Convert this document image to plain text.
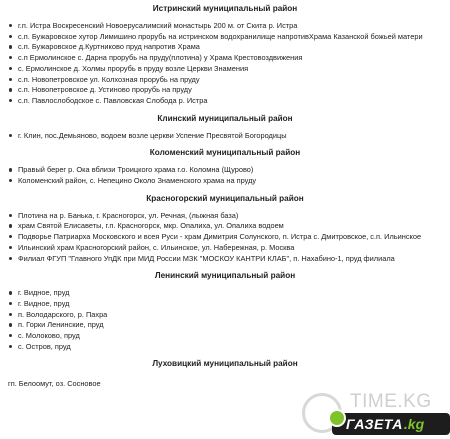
Истринский муниципальный район
г.п. Истра Воскресенский Новоерусалимский монастырь 200 м. от Скита р. Истра
с.п. Бужаровское хутор Лимишино прорубь на истринском водохранилище напротивХрама Казанской божьей матери
с.п. Бужаровское д.Куртниково пруд напротив Храма
с.п Ермолинское с. Дарна прорубь на пруду(плотина) у Храма Крестовоздвижения
с. Ермолинское д. Холмы прорубь в пруду возле Церкви Знамения
с.п. Новопетровское ул. Колхозная прорубь на пруду
с.п. Новопетровское д. Устиново прорубь на пруду
с.п. Павлослободское с. Павловская Слобода р. Истра
Клинский муниципальный район
г. Клин, пос.Демьяново, водоем возле церкви Успение Пресвятой Богородицы
Коломенский муниципальный район
Правый берег р. Ока вблизи Троицкого храма г.о. Коломна (Щурово)
Коломенский район, с. Непецино Около Знаменского храма на пруду
Красногорский муниципальный район
Плотина на р. Банька, г. Красногорск, ул. Речная, (лыжная база)
храм Святой Елисаветы, г.п. Красногорск, мкр. Опалиха, ул. Опалиха водоем
Подворье Патриарха Московского и всея Руси - храм Димитрия Солунского, п. Истра с. Дмитровское, с.п. Ильинское
Ильинский храм Красногорский район, с. Ильинское, ул. Набережная, р. Москва
Филиал ФГУП "Главного УпДК при МИД России МЗК "МОСКОУ КАНТРИ КЛАБ", п. Нахабино-1, пруд филиала
Ленинский муниципальный район
г. Видное, пруд
г. Видное, пруд
п. Володарского, р. Пахра
п. Горки Ленинские, пруд
с. Молоково, пруд
с. Остров, пруд
Луховицкий муниципальный район
гп. Белоомут, оз. Сосновое
TIME.KG
ГАЗЕТА .kg
